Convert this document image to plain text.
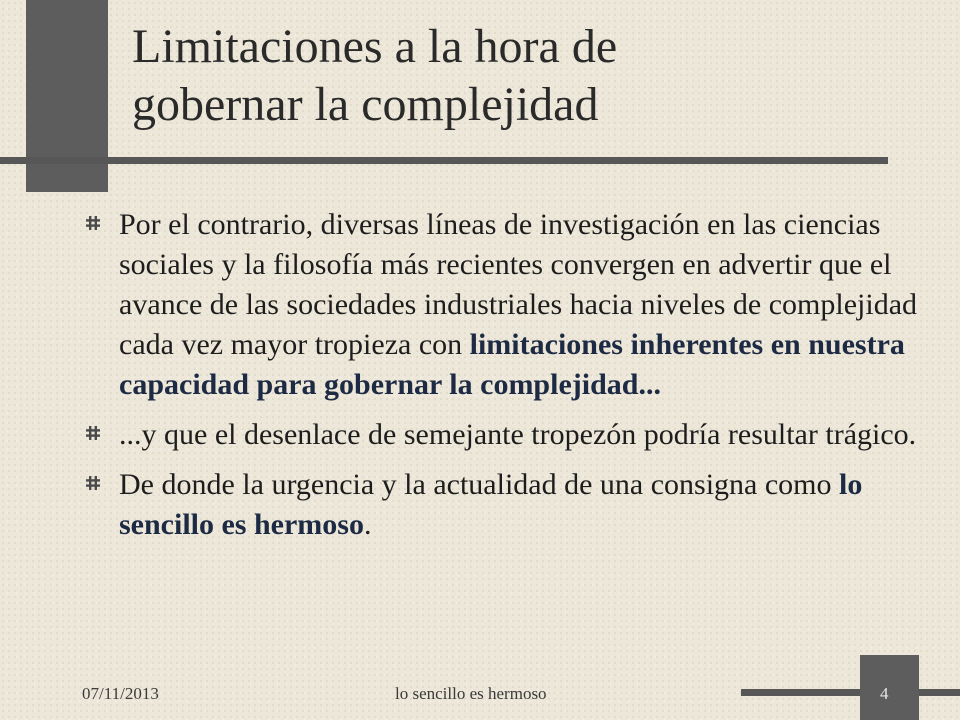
Limitaciones a la hora de
gobernar la complejidad
Por el contrario, diversas líneas de investigación en las ciencias sociales y la filosofía más recientes convergen en advertir que el avance de las sociedades industriales hacia niveles de complejidad cada vez mayor tropieza con limitaciones inherentes en nuestra capacidad para gobernar la complejidad...
...y que el desenlace de semejante tropezón podría resultar trágico.
De donde la urgencia y la actualidad de una consigna como lo sencillo es hermoso.
07/11/2013	lo sencillo es hermoso	4
